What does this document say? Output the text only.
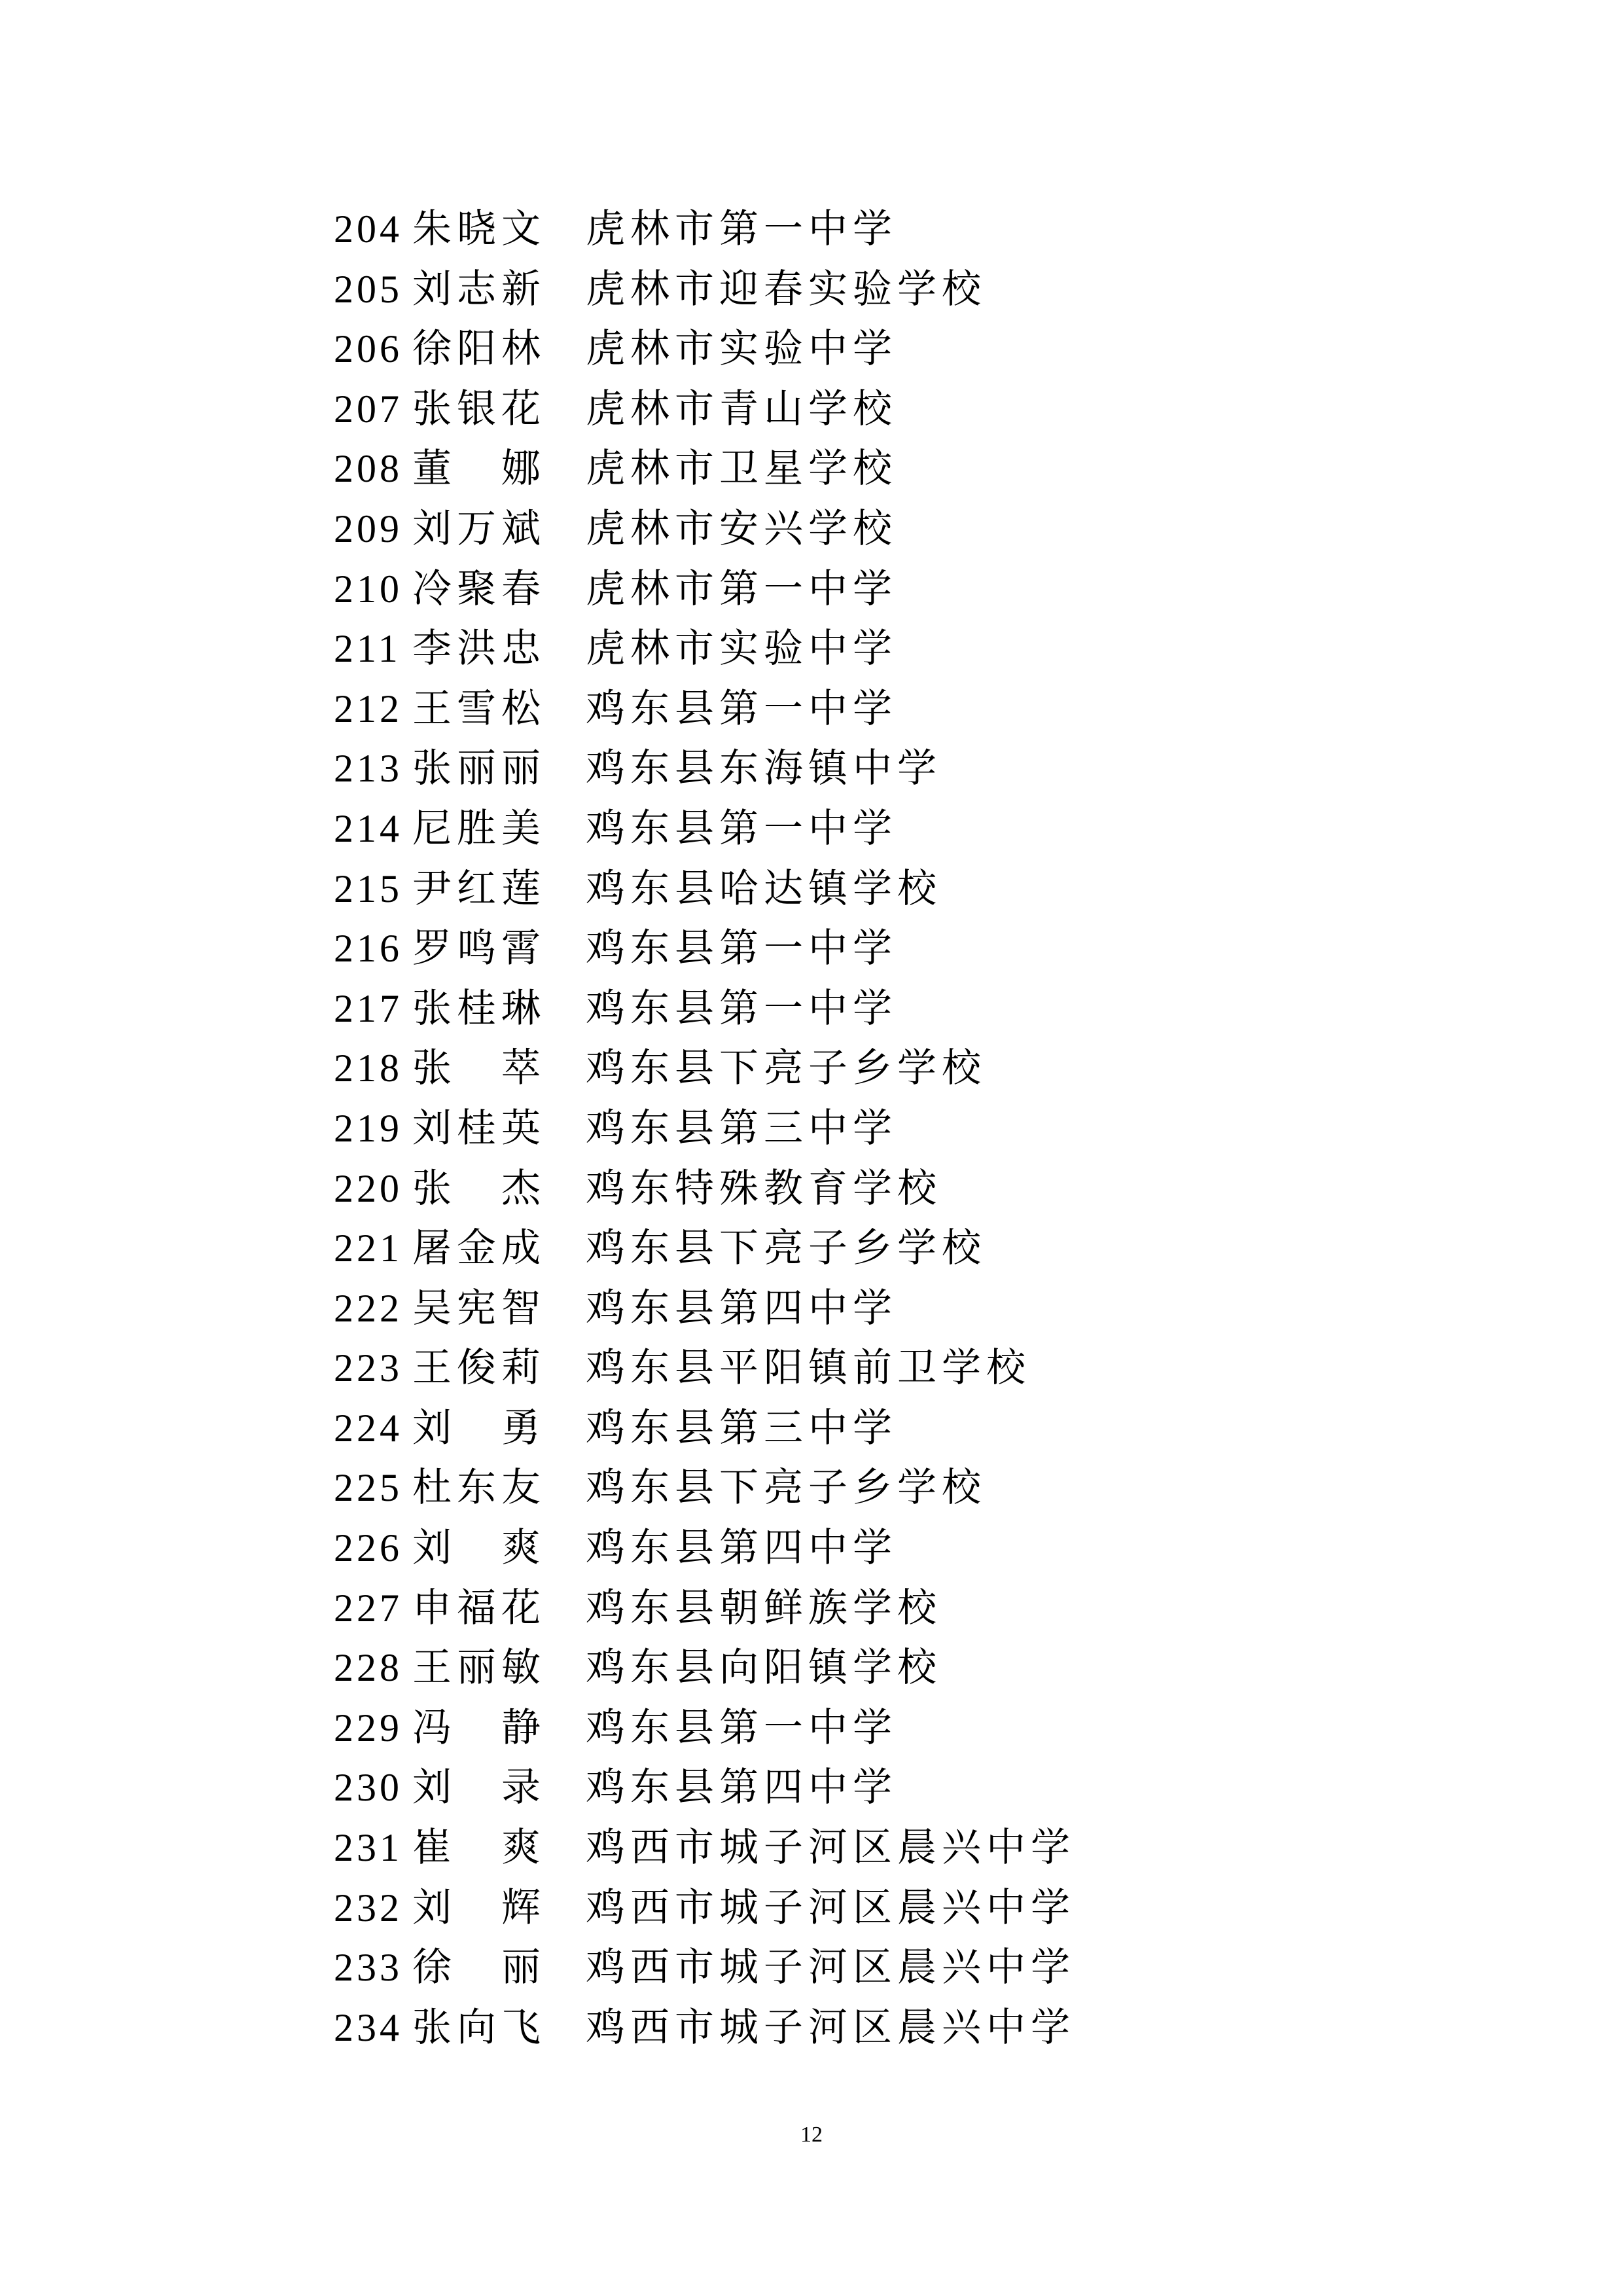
204 朱晓文	虎林市第一中学
205 刘志新	虎林市迎春实验学校
206 徐阳林	虎林市实验中学
207 张银花	虎林市青山学校
208 董　娜	虎林市卫星学校
209 刘万斌	虎林市安兴学校
210 冷聚春	虎林市第一中学
211 李洪忠	虎林市实验中学
212 王雪松	鸡东县第一中学
213 张丽丽	鸡东县东海镇中学
214 尼胜美	鸡东县第一中学
215 尹红莲	鸡东县哈达镇学校
216 罗鸣霄	鸡东县第一中学
217 张桂琳	鸡东县第一中学
218 张　萃	鸡东县下亮子乡学校
219 刘桂英	鸡东县第三中学
220 张　杰	鸡东特殊教育学校
221 屠金成	鸡东县下亮子乡学校
222 吴宪智	鸡东县第四中学
223 王俊莉	鸡东县平阳镇前卫学校
224 刘　勇	鸡东县第三中学
225 杜东友	鸡东县下亮子乡学校
226 刘　爽	鸡东县第四中学
227 申福花	鸡东县朝鲜族学校
228 王丽敏	鸡东县向阳镇学校
229 冯　静	鸡东县第一中学
230 刘　录	鸡东县第四中学
231 崔　爽	鸡西市城子河区晨兴中学
232 刘　辉	鸡西市城子河区晨兴中学
233 徐　丽	鸡西市城子河区晨兴中学
234 张向飞	鸡西市城子河区晨兴中学
12
